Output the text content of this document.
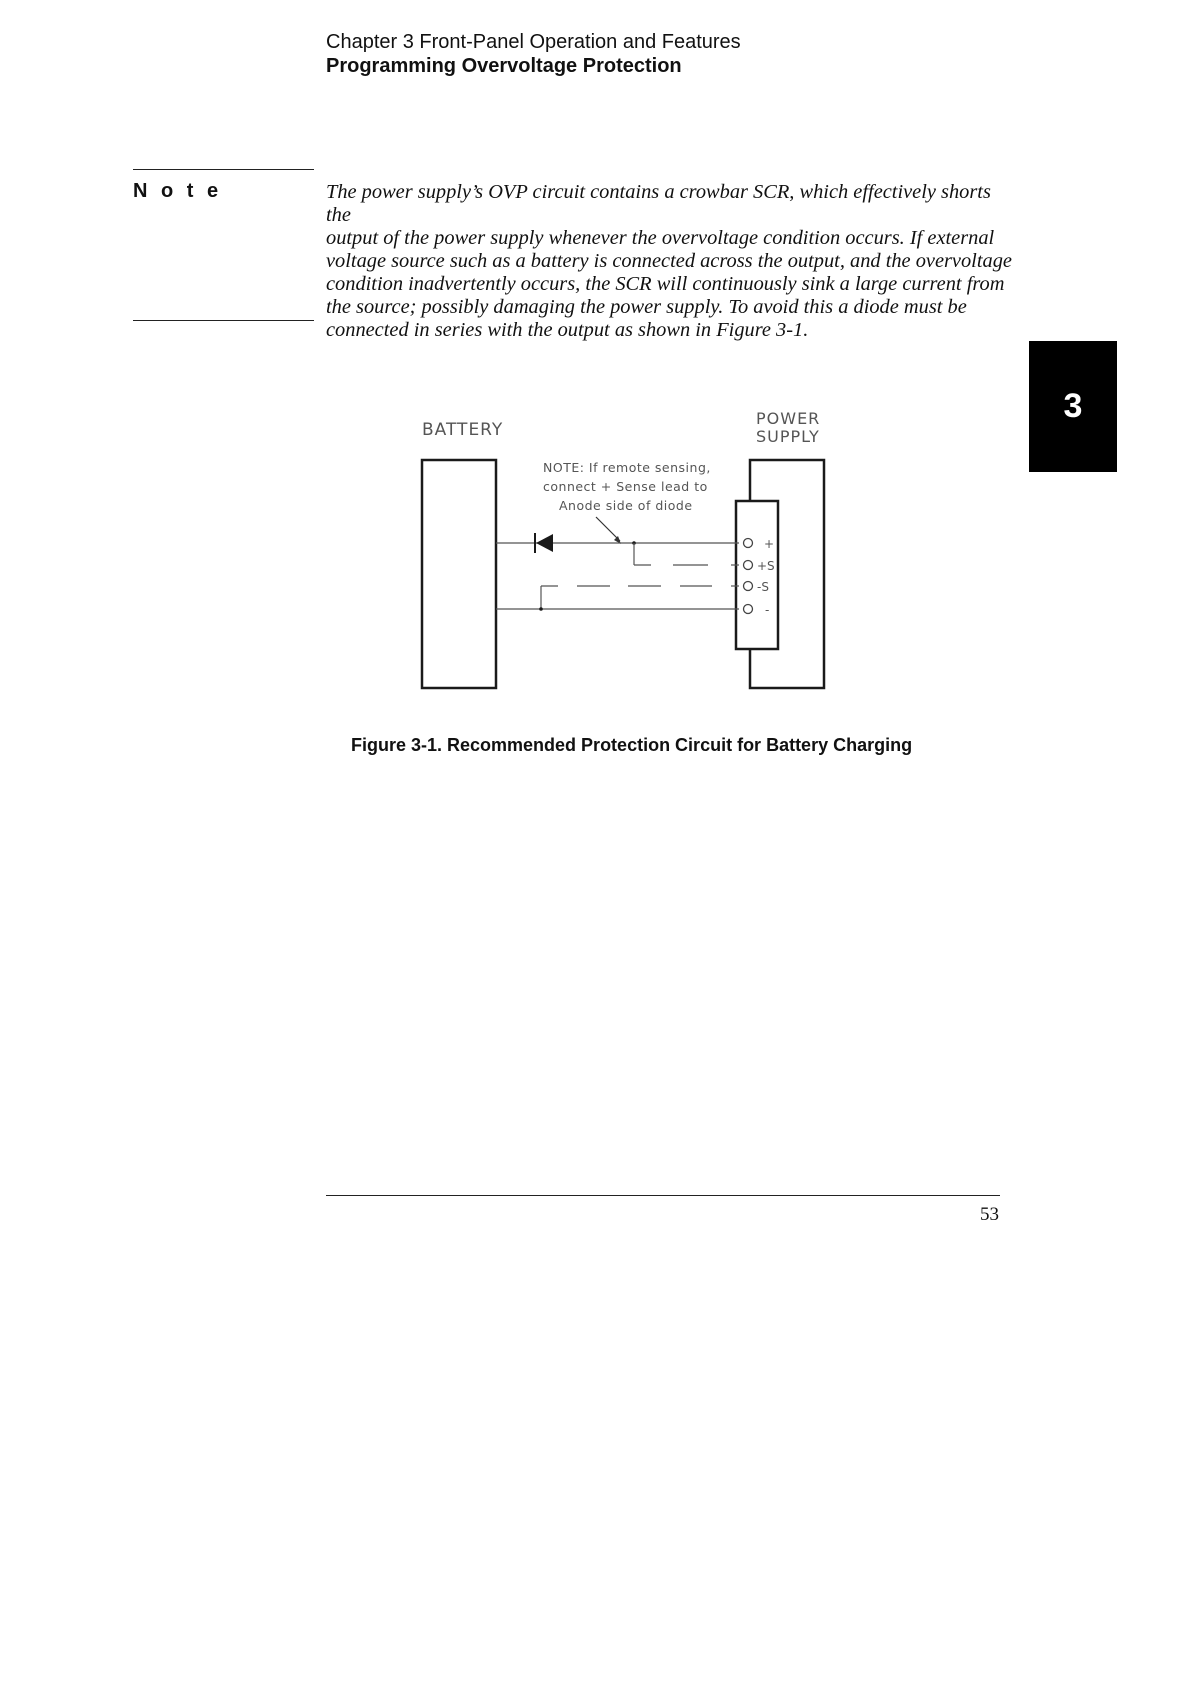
Chapter 3 Front-Panel Operation and Features
Programming Overvoltage Protection
N o t e	The power supply’s OVP circuit contains a crowbar SCR, which effectively shorts the
output of the power supply whenever the overvoltage condition occurs. If external
voltage source such as a battery is connected across the output, and the overvoltage
condition inadvertently occurs, the SCR will continuously sink a large current from
the source; possibly damaging the power supply. To avoid this a diode must be
connected in series with the output as shown in Figure 3-1.
3
BATTERY
POWER
SUPPLY
NOTE: If remote sensing,
connect + Sense lead to
Anode side of diode
+
+S
-S
-
Figure 3-1. Recommended Protection Circuit for Battery Charging
53
